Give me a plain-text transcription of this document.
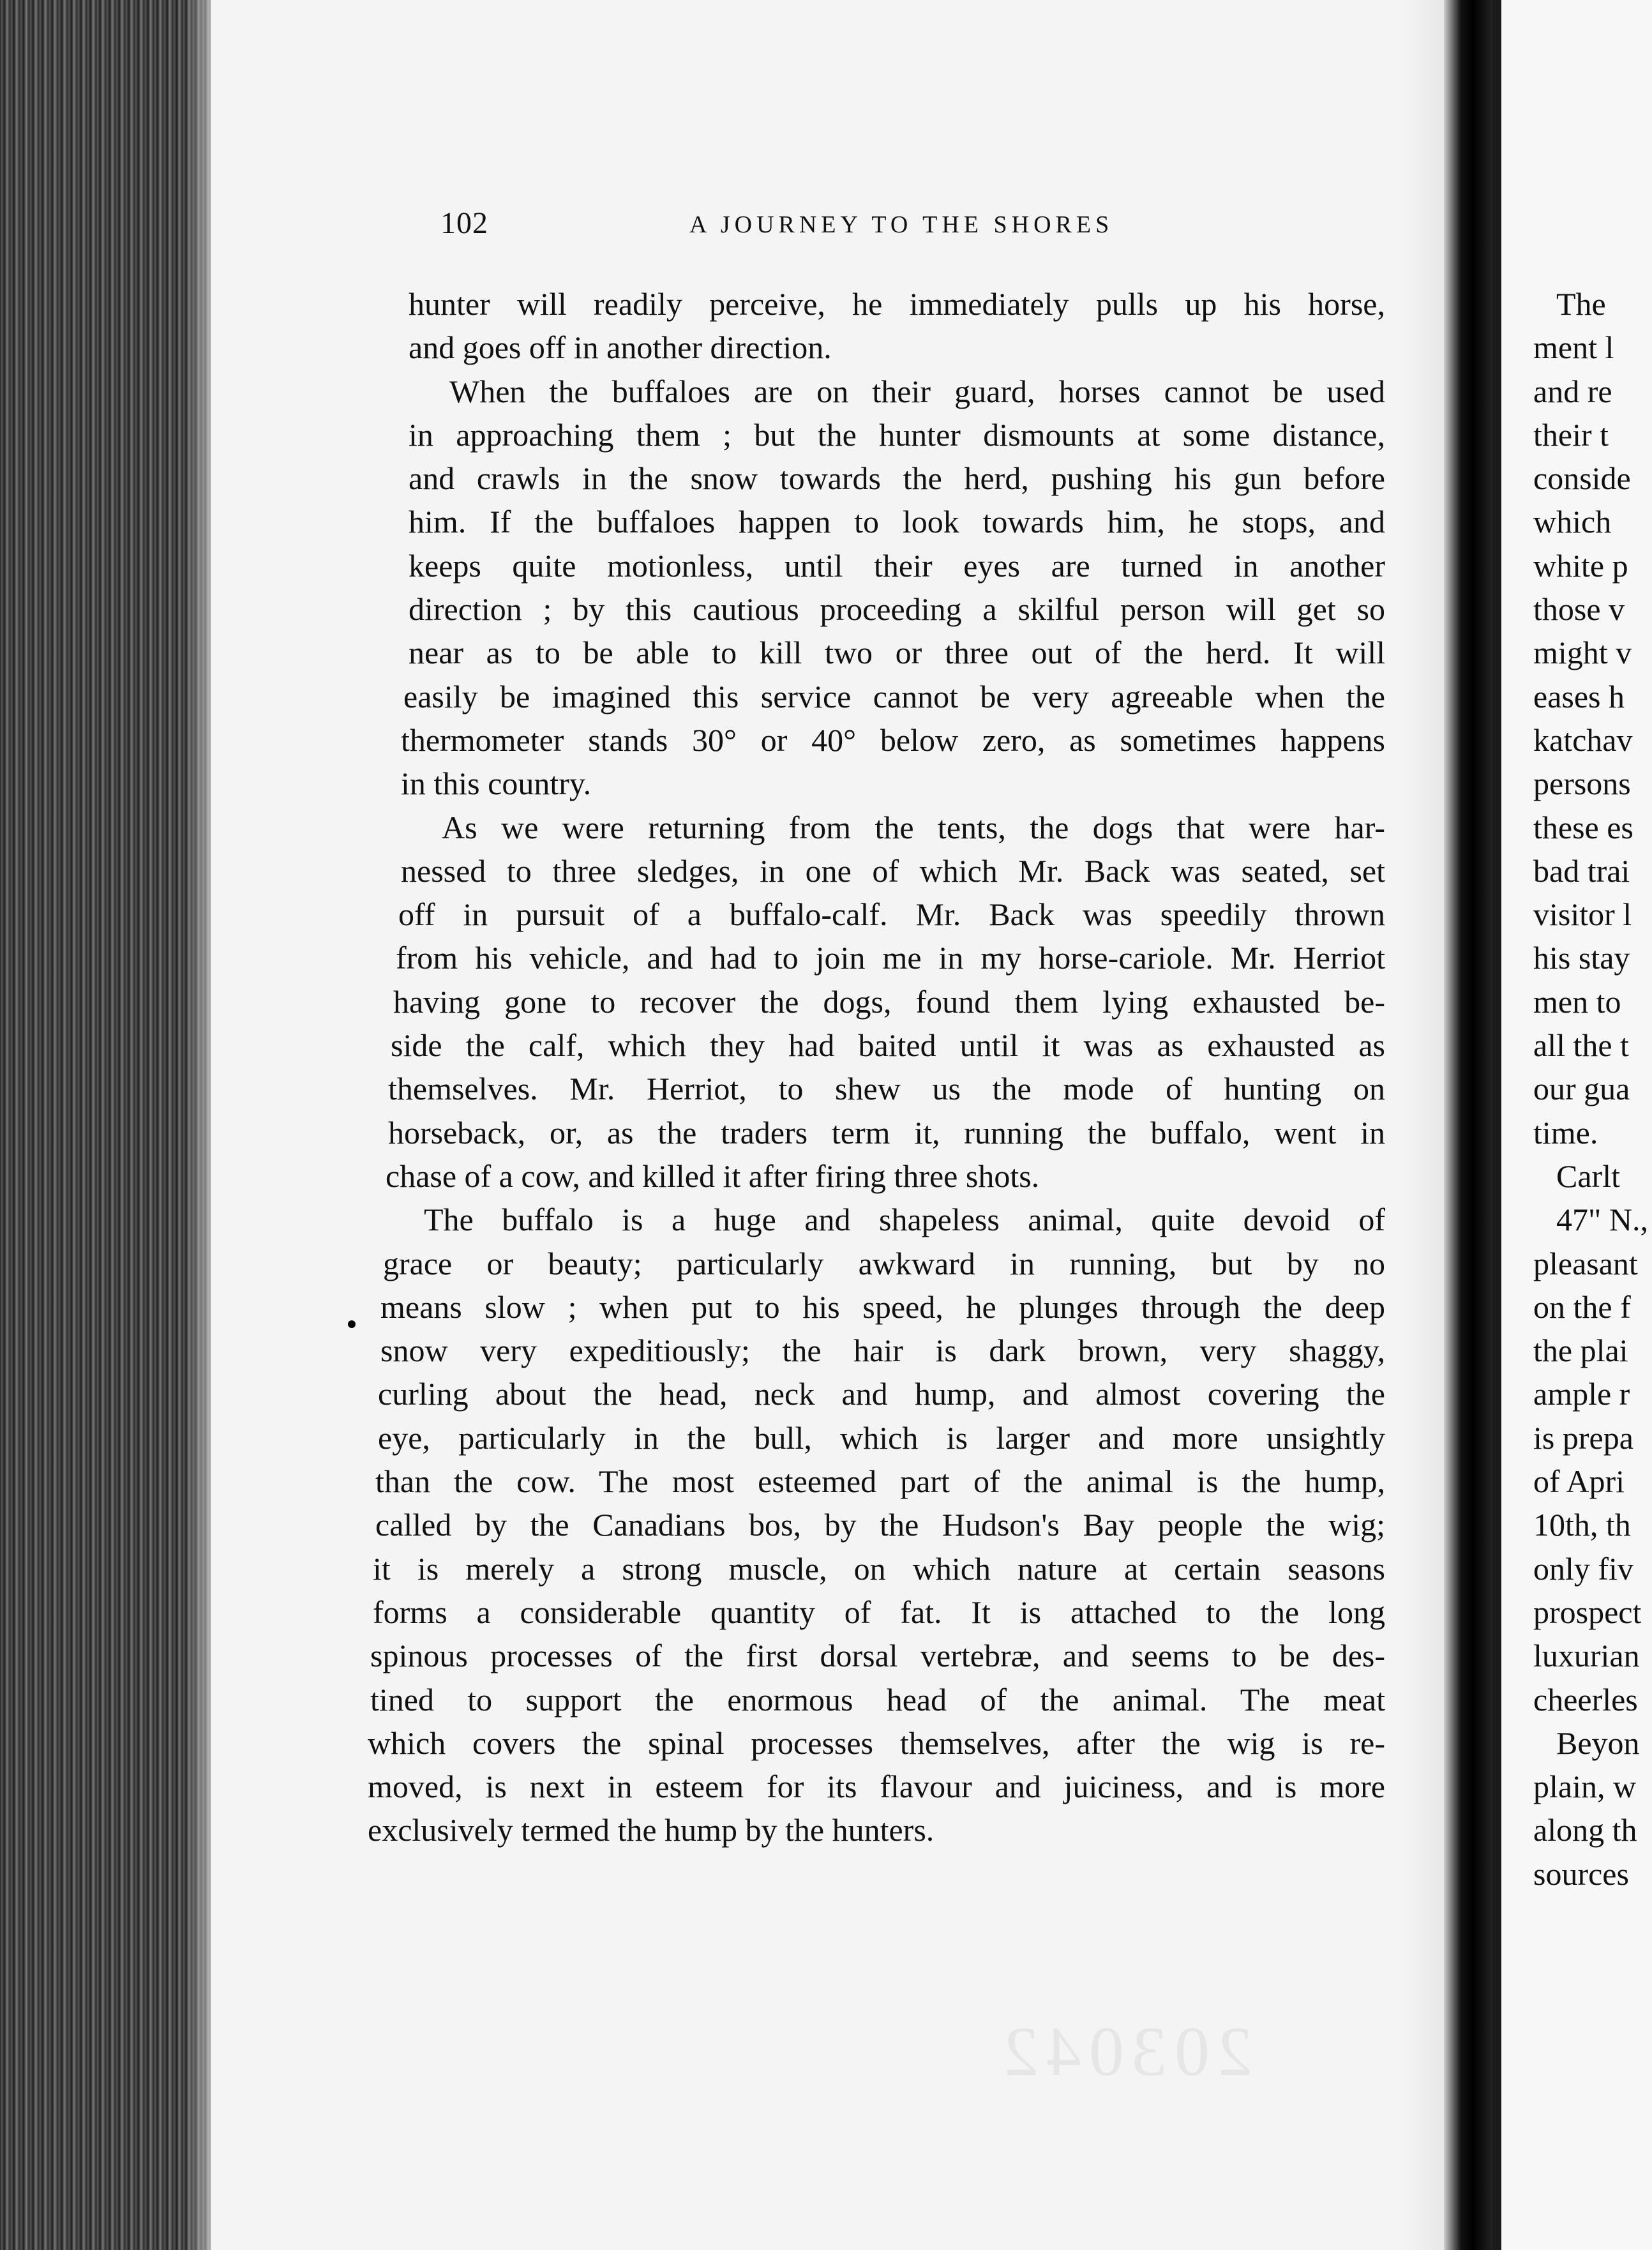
The
ment l
and re
their t
conside
which
white p
those v
might v
eases h
katchav
persons
these es
bad trai
visitor l
his stay
men to
all the t
our gua
time.
Carlt
47" N.,
pleasant
on the f
the plai
ample r
is prepa
of Apri
10th, th
only fiv
prospect
luxurian
cheerles
Beyon
plain, w
along th
sources
102	A JOURNEY TO THE SHORES
hunter will readily perceive, he immediately pulls up his horse,
and goes off in another direction.
When the buffaloes are on their guard, horses cannot be used
in approaching them ; but the hunter dismounts at some distance,
and crawls in the snow towards the herd, pushing his gun before
him. If the buffaloes happen to look towards him, he stops, and
keeps quite motionless, until their eyes are turned in another
direction ; by this cautious proceeding a skilful person will get so
near as to be able to kill two or three out of the herd. It will
easily be imagined this service cannot be very agreeable when the
thermometer stands 30° or 40° below zero, as sometimes happens
in this country.
As we were returning from the tents, the dogs that were har-
nessed to three sledges, in one of which Mr. Back was seated, set
off in pursuit of a buffalo-calf. Mr. Back was speedily thrown
from his vehicle, and had to join me in my horse-cariole. Mr. Herriot
having gone to recover the dogs, found them lying exhausted be-
side the calf, which they had baited until it was as exhausted as
themselves. Mr. Herriot, to shew us the mode of hunting on
horseback, or, as the traders term it, running the buffalo, went in
chase of a cow, and killed it after firing three shots.
The buffalo is a huge and shapeless animal, quite devoid of
grace or beauty; particularly awkward in running, but by no
means slow ; when put to his speed, he plunges through the deep
snow very expeditiously; the hair is dark brown, very shaggy,
curling about the head, neck and hump, and almost covering the
eye, particularly in the bull, which is larger and more unsightly
than the cow. The most esteemed part of the animal is the hump,
called by the Canadians bos, by the Hudson's Bay people the wig;
it is merely a strong muscle, on which nature at certain seasons
forms a considerable quantity of fat. It is attached to the long
spinous processes of the first dorsal vertebræ, and seems to be des-
tined to support the enormous head of the animal. The meat
which covers the spinal processes themselves, after the wig is re-
moved, is next in esteem for its flavour and juiciness, and is more
exclusively termed the hump by the hunters.
203042
